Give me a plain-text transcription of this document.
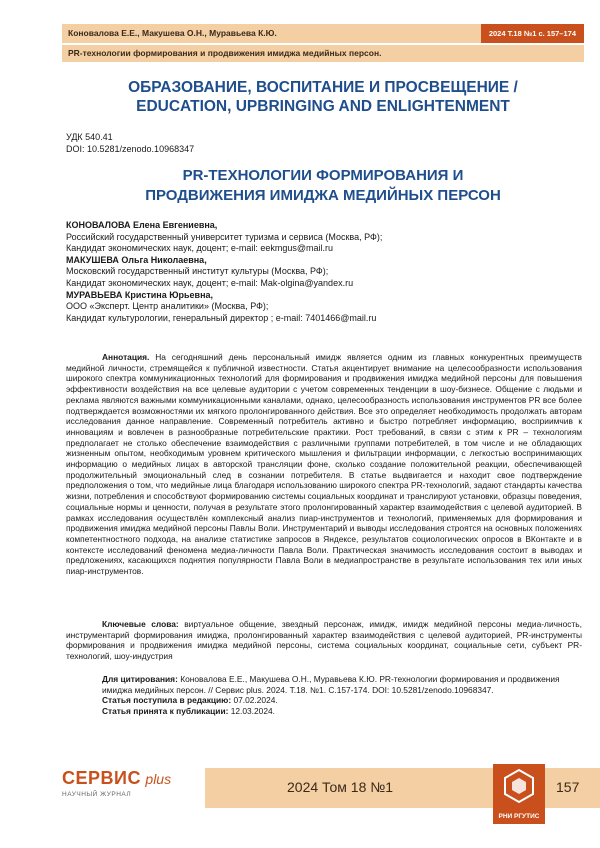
Коновалова Е.Е., Макушева О.Н., Муравьева К.Ю.	2024 Т.18 №1 с. 157–174
PR-технологии формирования и продвижения имиджа медийных персон.
ОБРАЗОВАНИЕ, ВОСПИТАНИЕ И ПРОСВЕЩЕНИЕ /
EDUCATION, UPBRINGING AND ENLIGHTENMENT
УДК 540.41
DOI: 10.5281/zenodo.10968347
PR-ТЕХНОЛОГИИ ФОРМИРОВАНИЯ И
ПРОДВИЖЕНИЯ ИМИДЖА МЕДИЙНЫХ ПЕРСОН
КОНОВАЛОВА Елена Евгениевна,
Российский государственный университет туризма и сервиса (Москва, РФ);
Кандидат экономических наук, доцент; e-mail: eekmgus@mail.ru
МАКУШЕВА Ольга Николаевна,
Московский государственный институт культуры (Москва, РФ);
Кандидат экономических наук, доцент; e-mail: Mak-olgina@yandex.ru
МУРАВЬЕВА Кристина Юрьевна,
ООО «Эксперт. Центр аналитики» (Москва, РФ);
Кандидат культурологии, генеральный директор ; e-mail: 7401466@mail.ru

Аннотация. На сегодняшний день персональный имидж является одним из главных конкурентных преимуществ медийной личности, стремящейся к публичной известности. Статья акцентирует внимание на целесообразности использования широкого спектра коммуникационных технологий для формирования и продвижения имиджа медийной персоны для повышения эффективности воздействия на все целевые аудитории с учетом современных тенденции в шоу-бизнесе. Общение с людьми и реклама являются важными коммуникационными каналами, однако, целесообразность использования инструментов PR все более подтверждается возможностями их мягкого пролонгированного действия. Все это определяет необходимость продолжать авторам исследования данное направление. Современный потребитель активно и быстро потребляет информацию, восприимчив к инновациям и вовлечен в разнообразные потребительские практики. Рост требований, в связи с этим к PR – технологиям предполагает не столько обеспечение взаимодействия с различными группами потребителей, в том числе и не обладающих жизненным опытом, необходимым уровнем критического мышления и фильтрации информации, с легкостью воспринимающих информацию о медийных лицах в авторской трансляции фоне, сколько создание положительной реакции, обеспечивающей продолжительный эмоциональный след в сознании потребителя. В статье выдвигается и находит свое подтверждение предположения о том, что медийные лица благодаря использованию широкого спектра PR-технологий, задают стандарты качества жизни, потребления и способствуют формированию системы социальных координат и транслируют установки, образцы поведения, социальные нормы и ценности, получая в результате этого пролонгированный характер взаимодействия с целевой аудиторией. В рамках исследования осуществлён комплексный анализ пиар-инструментов и технологий, применяемых для формирования и продвижения имиджа медийной персоны Павлы Воли. Инструментарий и выводы исследования строятся на основных положениях компетентностного подхода, на анализе статистике запросов в Яндексе, результатов социологических опросов в ВКонтакте и в контексте исследований феномена медиа-личности Павла Воли. Практическая значимость исследования состоит в выводах и предложениях, касающихся поднятия популярности Павла Воли в медиапространстве в результате использования тех или иных пиар-инструментов.

Ключевые слова: виртуальное общение, звездный персонаж, имидж, имидж медийной персоны медиа-личность, инструментарий формирования имиджа, пролонгированный характер взаимодействия с целевой аудиторией, PR-инструменты формирования и продвижения имиджа медийной персоны, система социальных координат, социальные сети, субъект PR-технологий, шоу-индустрия

Для цитирования: Коновалова Е.Е., Макушева О.Н., Муравьева К.Ю. PR-технологии формирования и продвижения имиджа медийных персон. // Сервис plus. 2024. Т.18. №1. С.157-174. DOI: 10.5281/zenodo.10968347.

Статья поступила в редакцию: 07.02.2024.

Статья принята к публикации: 12.03.2024.

СЕРВИС plus
НАУЧНЫЙ ЖУРНАЛ	2024 Том 18 №1	157
РНИ РГУТИС
